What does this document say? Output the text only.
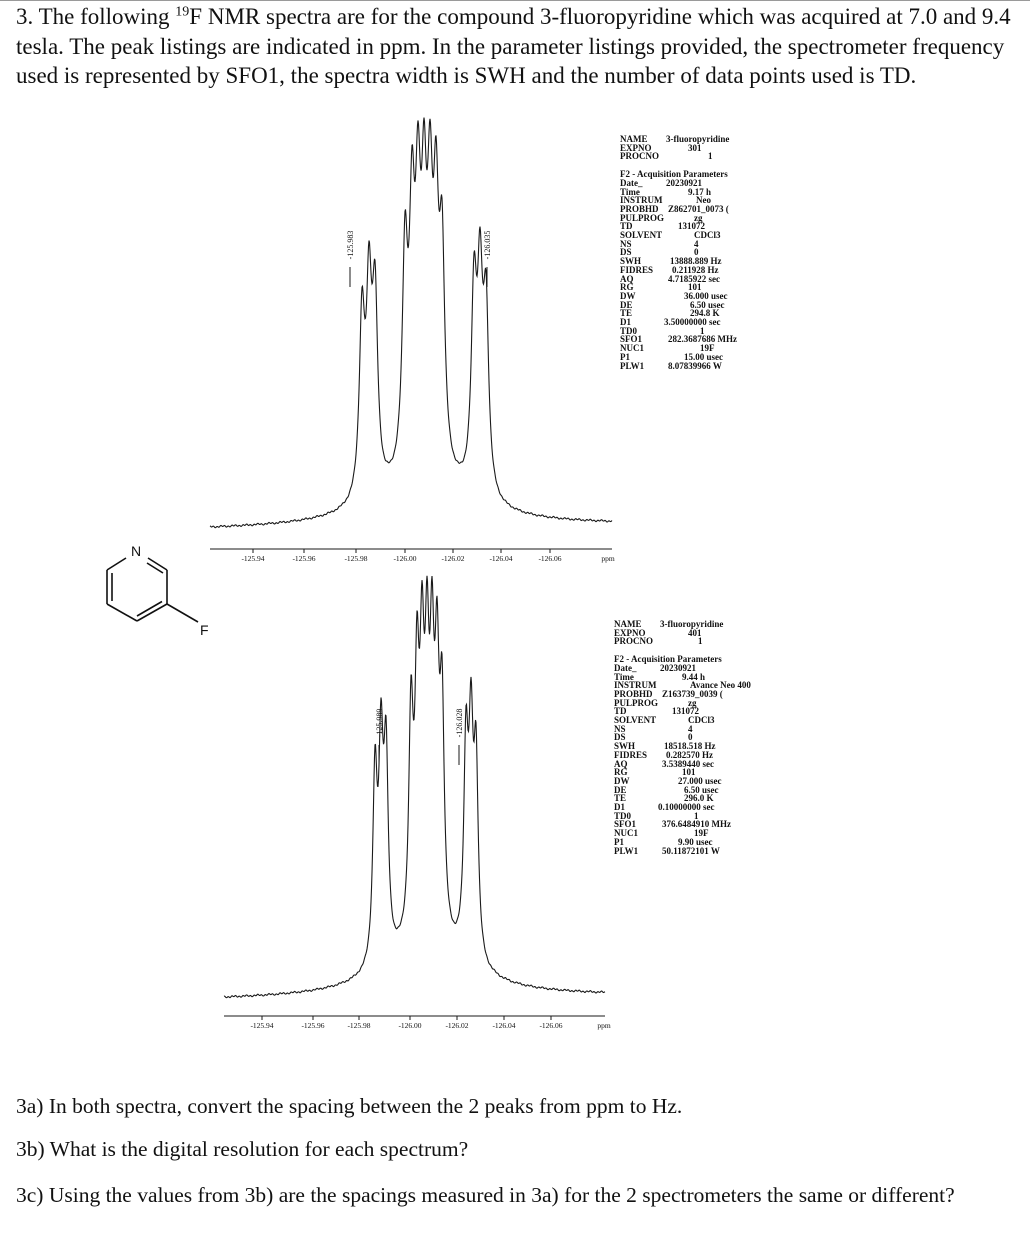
3. The following $^{19}$F NMR spectra are for the compound 3-fluoropyridine which was acquired at 7.0 and 9.4 tesla. The peak listings are indicated in ppm. In the parameter listings provided, the spectrometer frequency used is represented by SFO1, the spectra width is SWH and the number of data points used is TD.

-125.983	-126.035
-125.94	-125.96	-125.98	-126.00	-126.02	-126.04	-126.06	ppm
NAME	3-fluoropyridine
EXPNO	301
PROCNO	1
F2 - Acquisition Parameters
Date_	20230921
Time	9.17 h
INSTRUM	Neo
PROBHD	Z862701_0073 (
PULPROG	zg
TD	131072
SOLVENT	CDCl3
NS	4
DS	0
SWH	13888.889 Hz
FIDRES	0.211928 Hz
AQ	4.7185922 sec
RG	101
DW	36.000 usec
DE	6.50 usec
TE	294.8 K
D1	3.50000000 sec
TD0	1
SFO1	282.3687686 MHz
NUC1	19F
P1	15.00 usec
PLW1	8.07839966 W
N
F
-125.989	-126.028
-125.94	-125.96	-125.98	-126.00	-126.02	-126.04	-126.06	ppm
NAME	3-fluoropyridine
EXPNO	401
PROCNO	1
F2 - Acquisition Parameters
Date_	20230921
Time	9.44 h
INSTRUM	Avance Neo 400
PROBHD	Z163739_0039 (
PULPROG	zg
TD	131072
SOLVENT	CDCl3
NS	4
DS	0
SWH	18518.518 Hz
FIDRES	0.282570 Hz
AQ	3.5389440 sec
RG	101
DW	27.000 usec
DE	6.50 usec
TE	296.0 K
D1	0.10000000 sec
TD0	1
SFO1	376.6484910 MHz
NUC1	19F
P1	9.90 usec
PLW1	50.11872101 W

3a) In both spectra, convert the spacing between the 2 peaks from ppm to Hz.

3b) What is the digital resolution for each spectrum?

3c) Using the values from 3b) are the spacings measured in 3a) for the 2 spectrometers the same or different?
